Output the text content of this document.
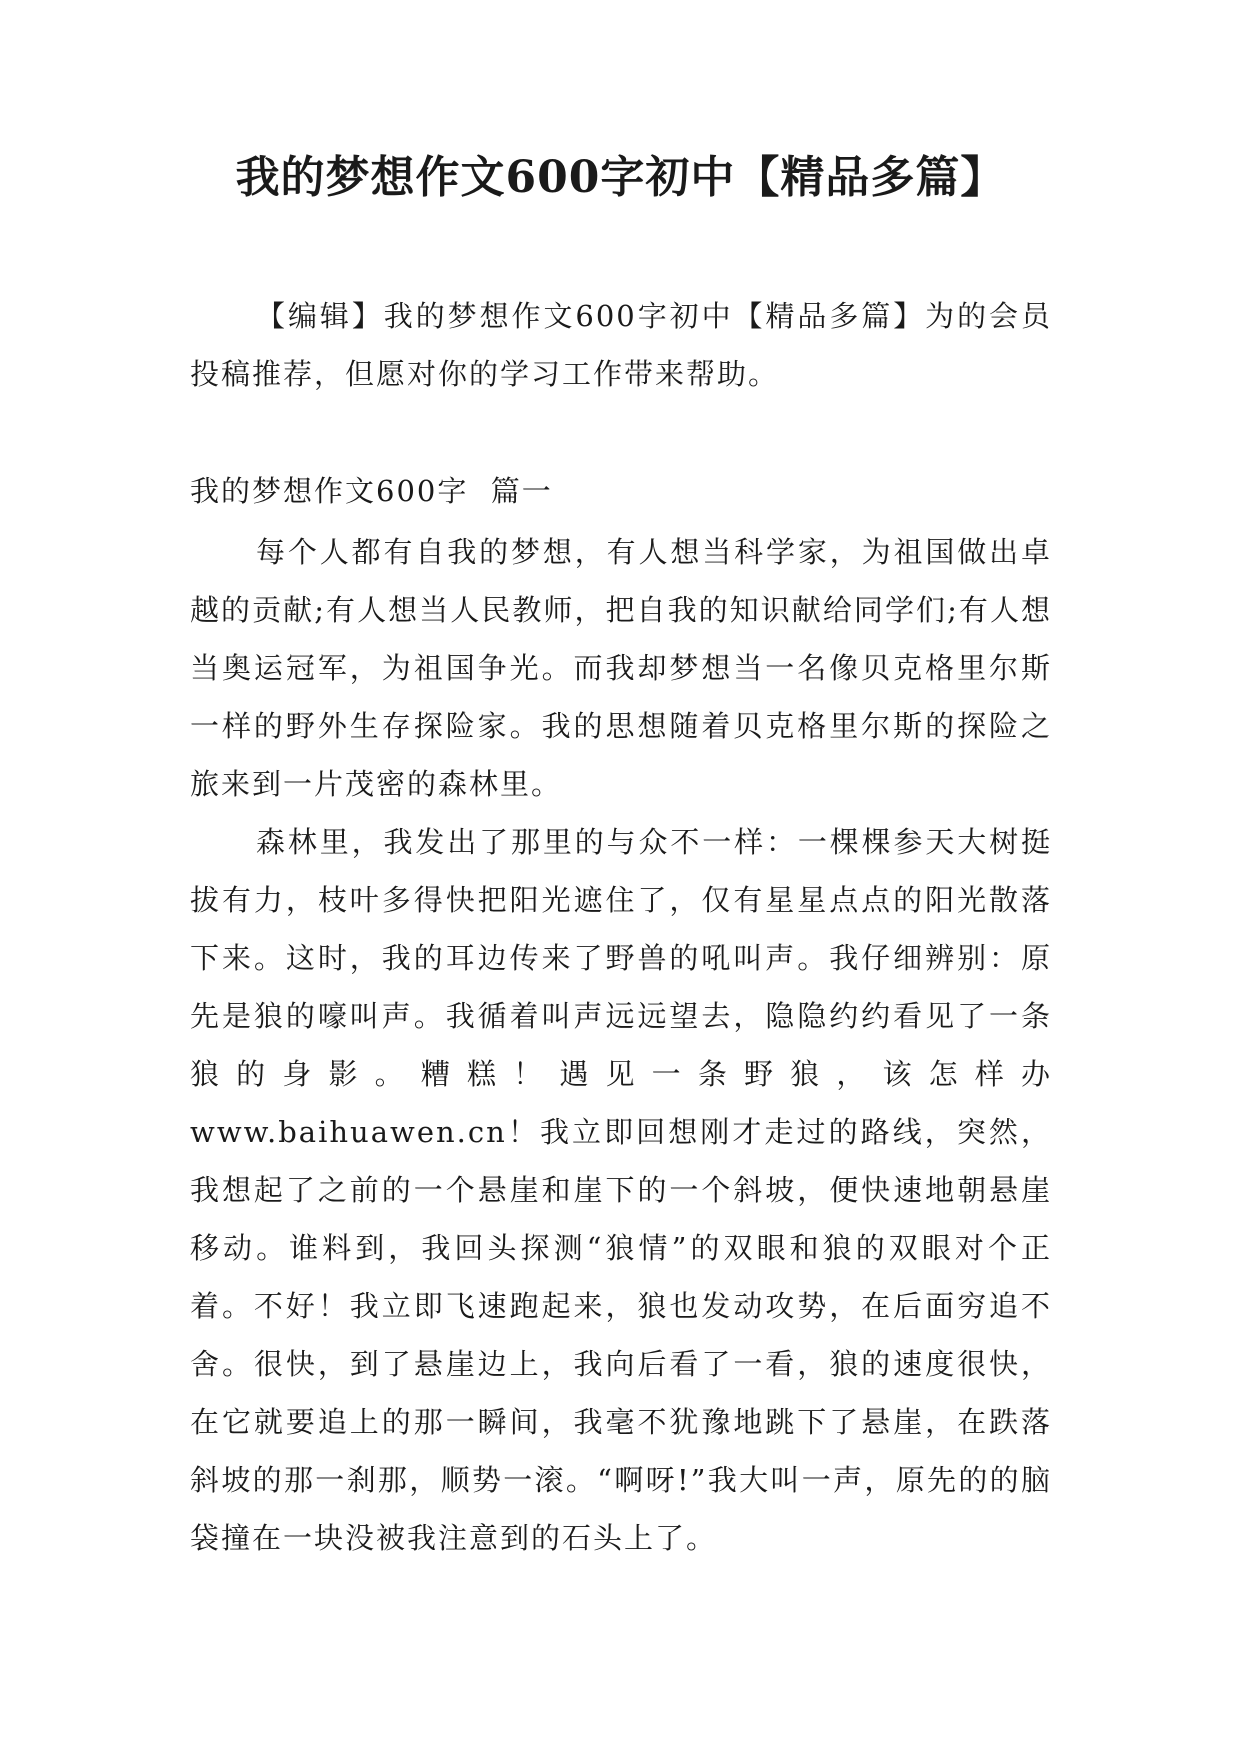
我的梦想作文600字初中【精品多篇】

【编辑】我的梦想作文600字初中【精品多篇】为的会员投稿推荐，但愿对你的学习工作带来帮助。

我的梦想作文600字  篇一

每个人都有自我的梦想，有人想当科学家，为祖国做出卓越的贡献;有人想当人民教师，把自我的知识献给同学们;有人想当奥运冠军，为祖国争光。而我却梦想当一名像贝克格里尔斯一样的野外生存探险家。我的思想随着贝克格里尔斯的探险之旅来到一片茂密的森林里。

森林里，我发出了那里的与众不一样：一棵棵参天大树挺拔有力，枝叶多得快把阳光遮住了，仅有星星点点的阳光散落下来。这时，我的耳边传来了野兽的吼叫声。我仔细辨别：原先是狼的嚎叫声。我循着叫声远远望去，隐隐约约看见了一条狼的身影。糟糕！遇见一条野狼，该怎样办www.baihuawen.cn！我立即回想刚才走过的路线，突然，我想起了之前的一个悬崖和崖下的一个斜坡，便快速地朝悬崖移动。谁料到，我回头探测“狼情”的双眼和狼的双眼对个正着。不好！我立即飞速跑起来，狼也发动攻势，在后面穷追不舍。很快，到了悬崖边上，我向后看了一看，狼的速度很快，在它就要追上的那一瞬间，我毫不犹豫地跳下了悬崖，在跌落斜坡的那一刹那，顺势一滚。“啊呀!”我大叫一声，原先的的脑袋撞在一块没被我注意到的石头上了。
